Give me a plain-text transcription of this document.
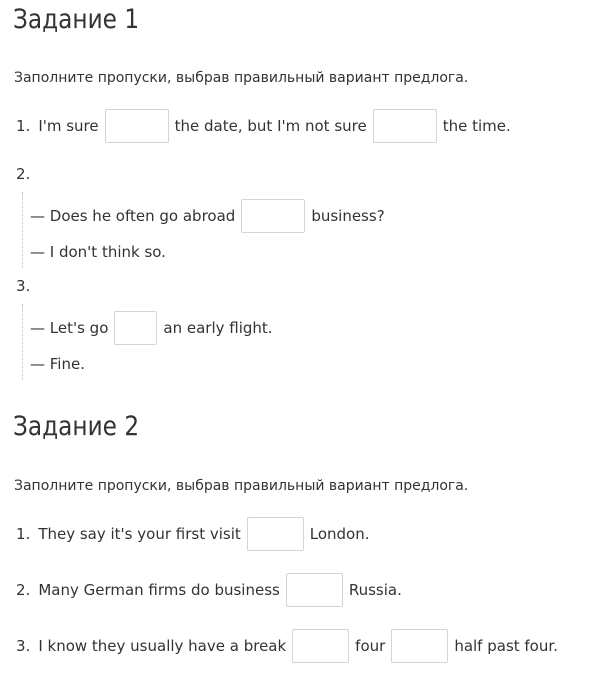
Задание 1
Заполните пропуски, выбрав правильный вариант предлога.
1. I'm sure	the date, but I'm not sure	the time.
2.
— Does he often go abroad	business?
— I don't think so.
3.
— Let's go	an early flight.
— Fine.
Задание 2
Заполните пропуски, выбрав правильный вариант предлога.
1. They say it's your first visit	London.
2. Many German firms do business	Russia.
3. I know they usually have a break	four	half past four.
